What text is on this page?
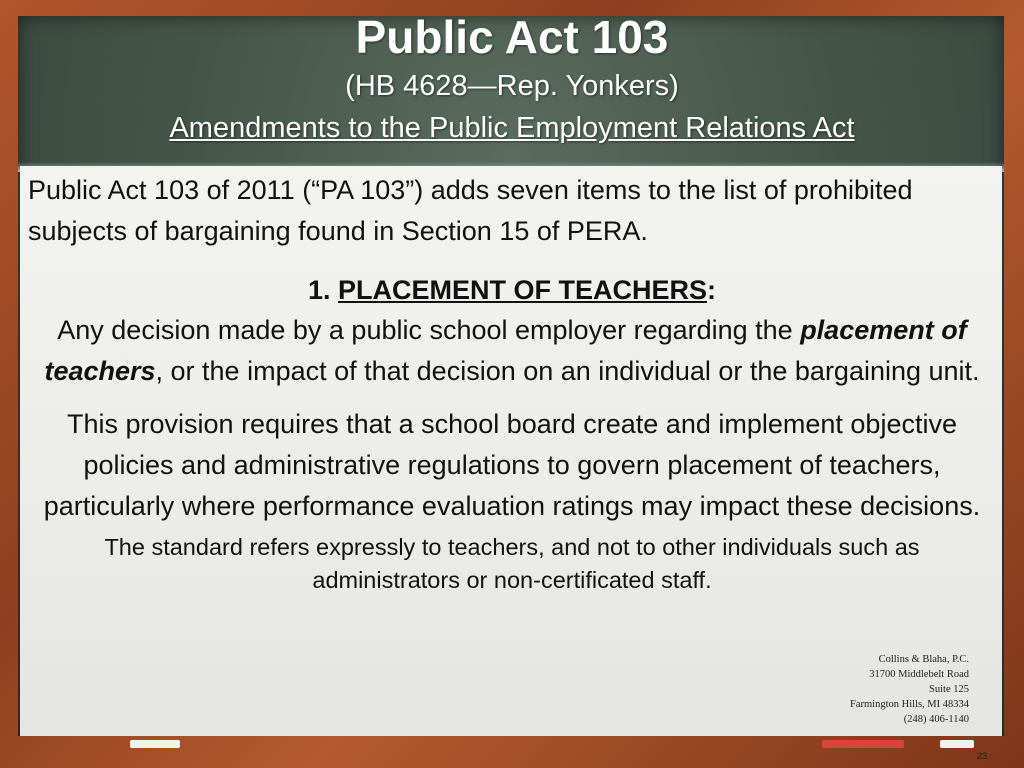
Public Act 103
(HB 4628—Rep. Yonkers)
Amendments to the Public Employment Relations Act

Public Act 103 of 2011 (“PA 103”) adds seven items to the list of prohibited subjects of bargaining found in Section 15 of PERA.

1. PLACEMENT OF TEACHERS:

Any decision made by a public school employer regarding the placement of teachers, or the impact of that decision on an individual or the bargaining unit.

This provision requires that a school board create and implement objective policies and administrative regulations to govern placement of teachers, particularly where performance evaluation ratings may impact these decisions.

The standard refers expressly to teachers, and not to other individuals such as administrators or non-certificated staff.

Collins & Blaha, P.C.
31700 Middlebelt Road
Suite 125
Farmington Hills, MI 48334
(248) 406-1140
23
